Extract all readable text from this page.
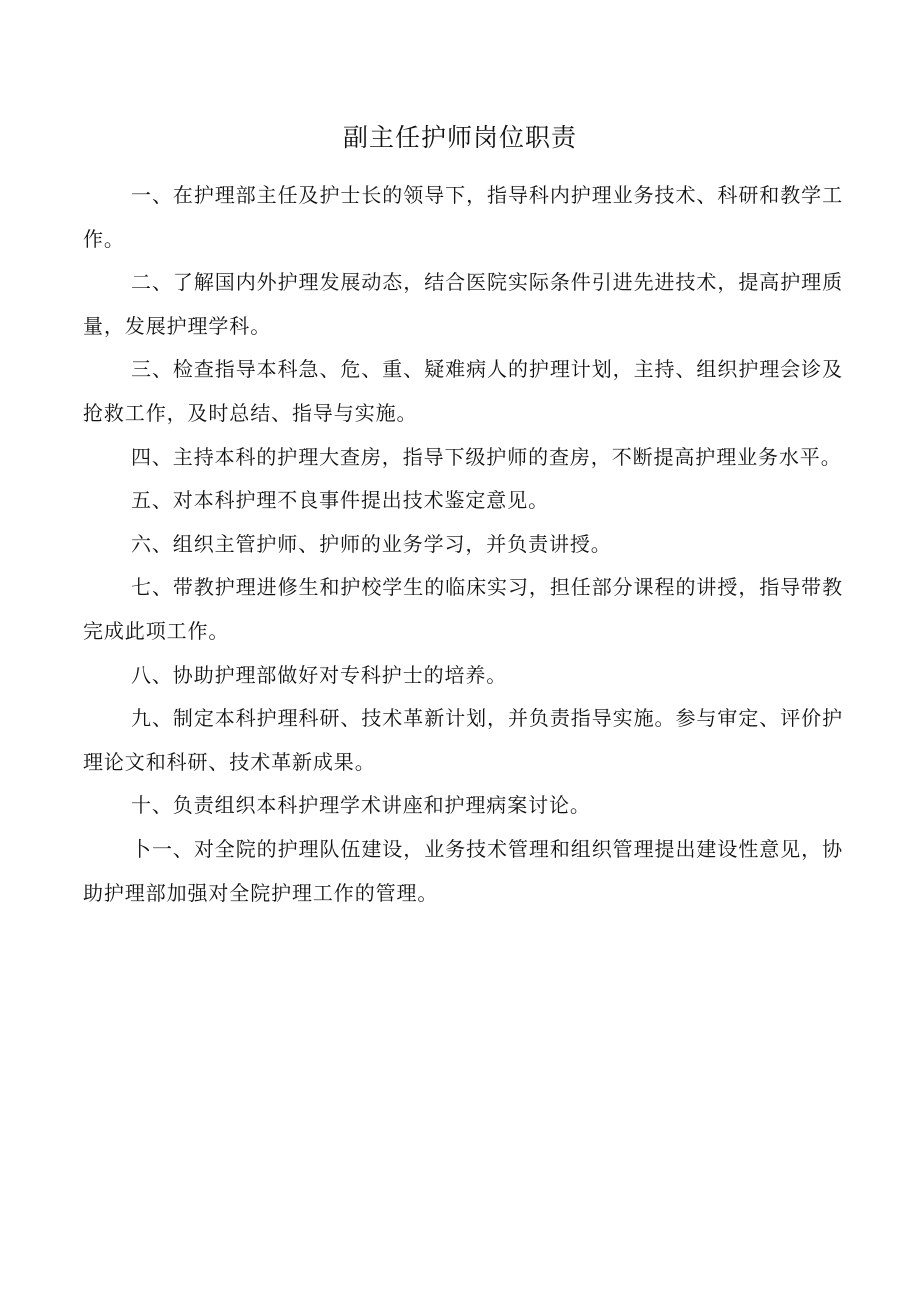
副主任护师岗位职责

一、在护理部主任及护士长的领导下，指导科内护理业务技术、科研和教学工作。

二、了解国内外护理发展动态，结合医院实际条件引进先进技术，提高护理质量，发展护理学科。

三、检查指导本科急、危、重、疑难病人的护理计划，主持、组织护理会诊及抢救工作，及时总结、指导与实施。

四、主持本科的护理大查房，指导下级护师的查房，不断提高护理业务水平。

五、对本科护理不良事件提出技术鉴定意见。

六、组织主管护师、护师的业务学习，并负责讲授。

七、带教护理进修生和护校学生的临床实习，担任部分课程的讲授，指导带教完成此项工作。

八、协助护理部做好对专科护士的培养。

九、制定本科护理科研、技术革新计划，并负责指导实施。参与审定、评价护理论文和科研、技术革新成果。

十、负责组织本科护理学术讲座和护理病案讨论。

卜一、对全院的护理队伍建设，业务技术管理和组织管理提出建设性意见，协助护理部加强对全院护理工作的管理。
